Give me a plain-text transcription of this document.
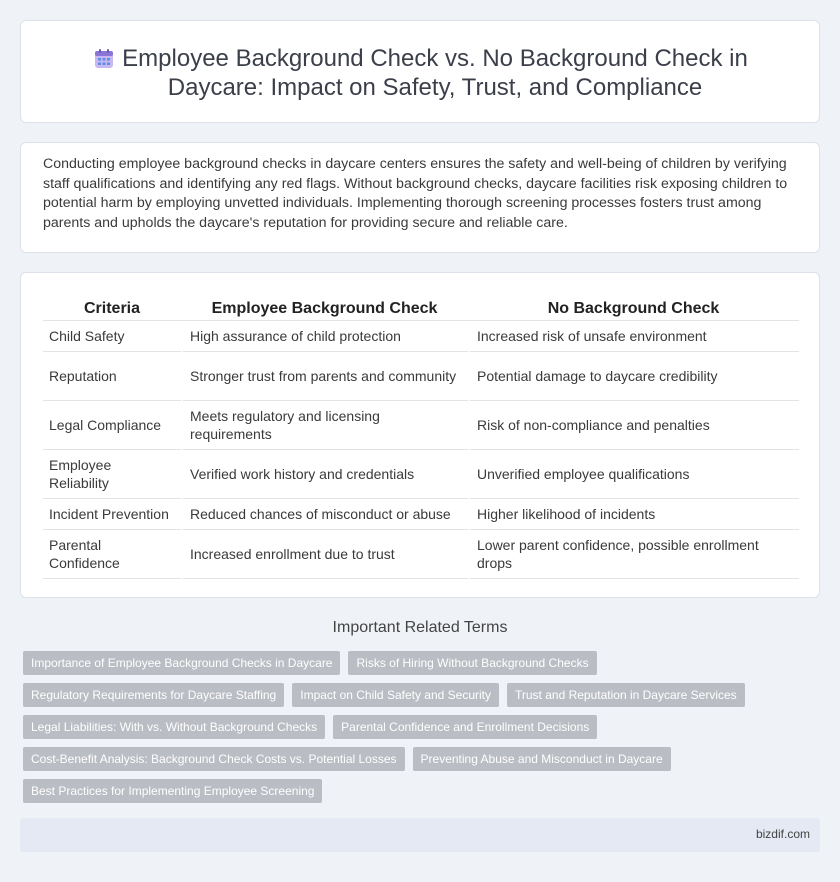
Employee Background Check vs. No Background Check in Daycare: Impact on Safety, Trust, and Compliance

Conducting employee background checks in daycare centers ensures the safety and well-being of children by verifying staff qualifications and identifying any red flags. Without background checks, daycare facilities risk exposing children to potential harm by employing unvetted individuals. Implementing thorough screening processes fosters trust among parents and upholds the daycare's reputation for providing secure and reliable care.

Criteria	Employee Background Check	No Background Check
Child Safety	High assurance of child protection	Increased risk of unsafe environment
Reputation	Stronger trust from parents and community	Potential damage to daycare credibility
Legal Compliance	Meets regulatory and licensing requirements	Risk of non-compliance and penalties
Employee Reliability	Verified work history and credentials	Unverified employee qualifications
Incident Prevention	Reduced chances of misconduct or abuse	Higher likelihood of incidents
Parental Confidence	Increased enrollment due to trust	Lower parent confidence, possible enrollment drops
Important Related Terms
Importance of Employee Background Checks in Daycare	Risks of Hiring Without Background Checks
Regulatory Requirements for Daycare Staffing	Impact on Child Safety and Security	Trust and Reputation in Daycare Services
Legal Liabilities: With vs. Without Background Checks	Parental Confidence and Enrollment Decisions
Cost-Benefit Analysis: Background Check Costs vs. Potential Losses	Preventing Abuse and Misconduct in Daycare
Best Practices for Implementing Employee Screening
bizdif.com
